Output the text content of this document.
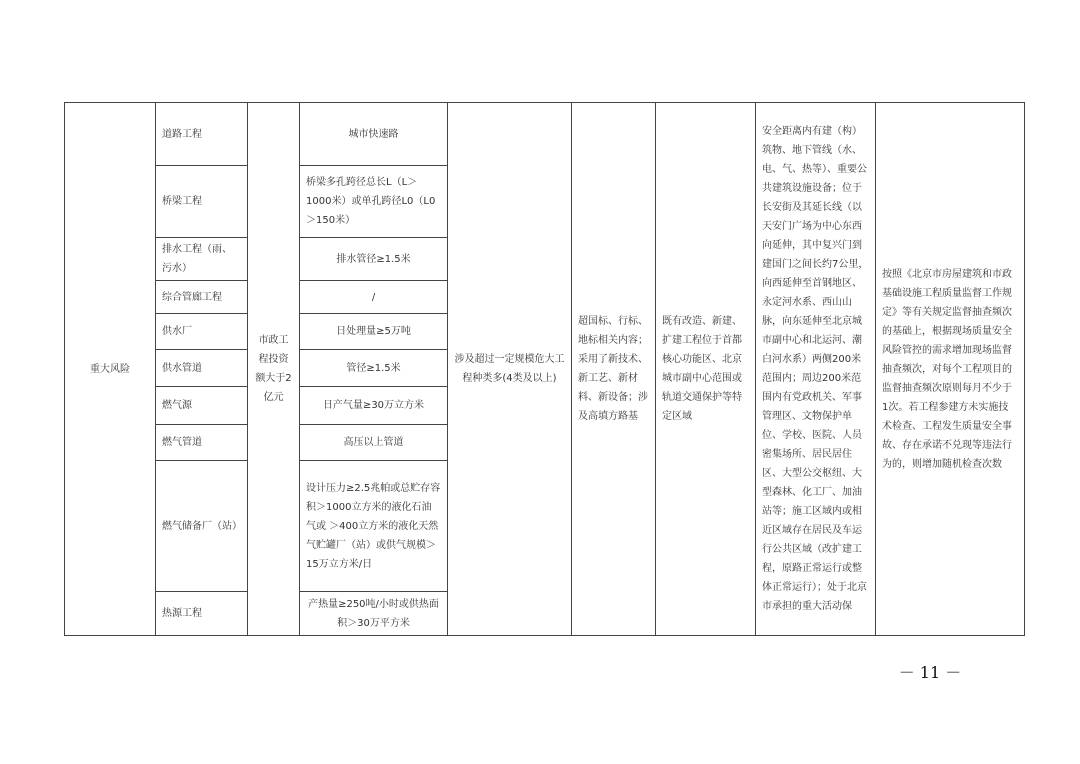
重大风险	道路工程	市政工程投资额大于2亿元	城市快速路	涉及超过一定规模危大工程种类多(4类及以上)	超国标、行标、地标相关内容；采用了新技术、新工艺、新材料、新设备；涉及高填方路基	既有改造、新建、扩建工程位于首都核心功能区、北京城市副中心范围或轨道交通保护等特定区域	安全距离内有建（构）筑物、地下管线（水、电、气、热等）、重要公共建筑设施设备；位于长安街及其延长线（以天安门广场为中心东西向延伸，其中复兴门到建国门之间长约7公里，向西延伸至首钢地区、永定河水系、西山山脉，向东延伸至北京城市副中心和北运河、潮白河水系）两侧200米范围内；周边200米范围内有党政机关、军事管理区、文物保护单位、学校、医院、人员密集场所、居民居住区、大型公交枢纽、大型森林、化工厂、加油站等；施工区域内或相近区域存在居民及车运行公共区域（改扩建工程，原路正常运行或整体正常运行）；处于北京市承担的重大活动保	按照《北京市房屋建筑和市政基础设施工程质量监督工作规定》等有关规定监督抽查频次的基础上，根据现场质量安全风险管控的需求增加现场监督抽查频次，对每个工程项目的监督抽查频次原则每月不少于1次。若工程参建方未实施技术检查、工程发生质量安全事故、存在承诺不兑现等违法行为的，则增加随机检查次数
	桥梁工程		桥梁多孔跨径总长L（L＞1000米）或单孔跨径L0（L0＞150米）					
	排水工程（雨、污水）		排水管径≥1.5米					
	综合管廊工程		/					
	供水厂		日处理量≥5万吨					
	供水管道		管径≥1.5米					
	燃气源		日产气量≥30万立方米					
	燃气管道		高压以上管道					
	燃气储备厂（站）		设计压力≥2.5兆帕或总贮存容积＞1000立方米的液化石油气或 ＞400立方米的液化天然气贮罐厂（站）或供气规模＞15万立方米/日					
	热源工程		产热量≥250吨/小时或供热面积＞30万平方米					
－ 11 －
